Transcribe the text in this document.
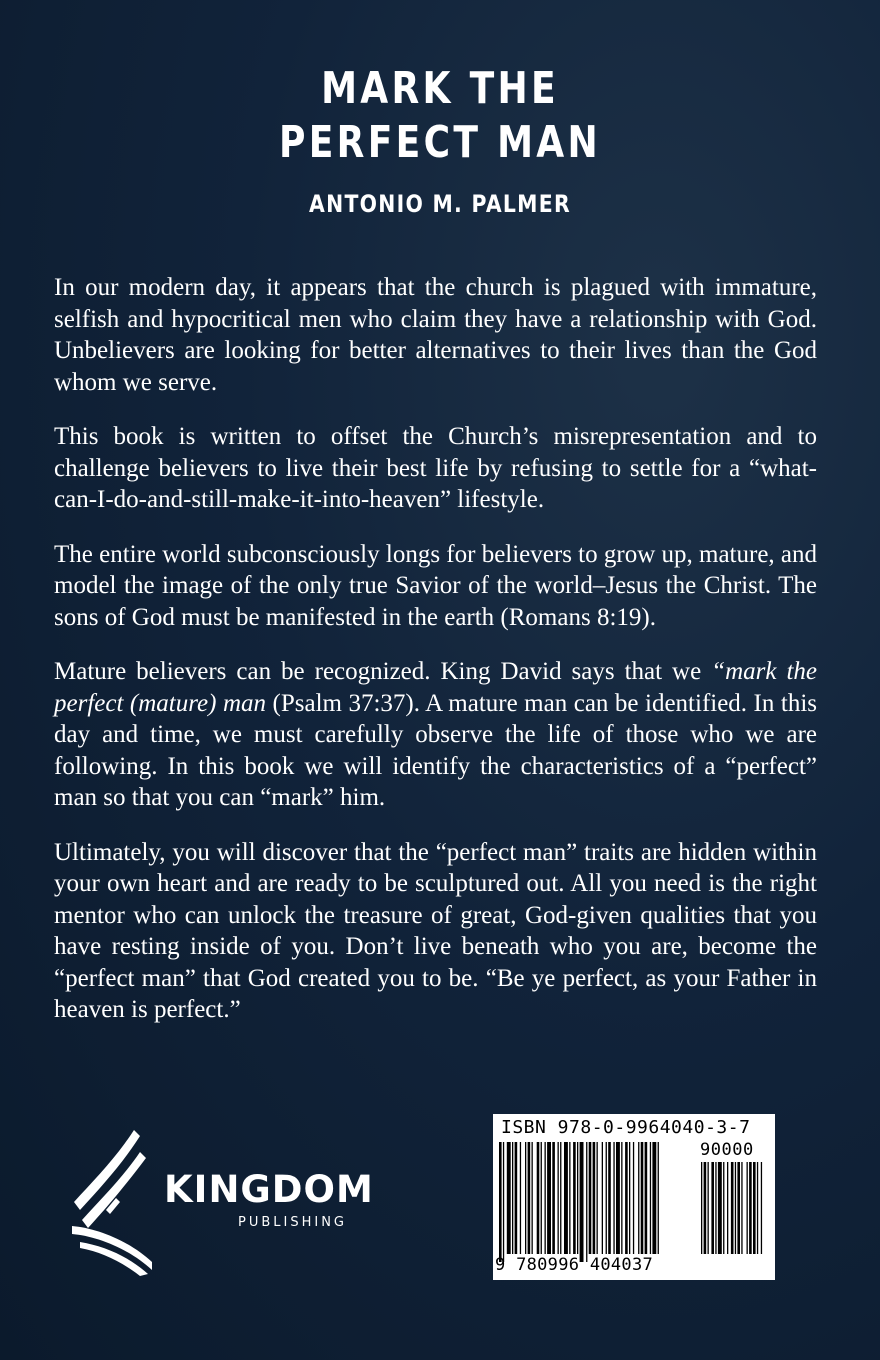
MARK THE
PERFECT MAN
ANTONIO M. PALMER

In our modern day, it appears that the church is plagued with immature, selfish and hypocritical men who claim they have a relationship with God. Unbelievers are looking for better alternatives to their lives than the God whom we serve.

This book is written to offset the Church’s misrepresentation and to challenge believers to live their best life by refusing to settle for a “what-can-I-do-and-still-make-it-into-heaven” lifestyle.

The entire world subconsciously longs for believers to grow up, mature, and model the image of the only true Savior of the world–Jesus the Christ. The sons of God must be manifested in the earth (Romans 8:19).

Mature believers can be recognized. King David says that we “mark the perfect (mature) man (Psalm 37:37). A mature man can be identified. In this day and time, we must carefully observe the life of those who we are following. In this book we will identify the characteristics of a “perfect” man so that you can “mark” him.

Ultimately, you will discover that the “perfect man” traits are hidden within your own heart and are ready to be sculptured out. All you need is the right mentor who can unlock the treasure of great, God-given qualities that you have resting inside of you. Don’t live beneath who you are, become the “perfect man” that God created you to be. “Be ye perfect, as your Father in heaven is perfect.”

KINGDOM
PUBLISHING
ISBN 978-0-9964040-3-7
90000
9 780996 404037
